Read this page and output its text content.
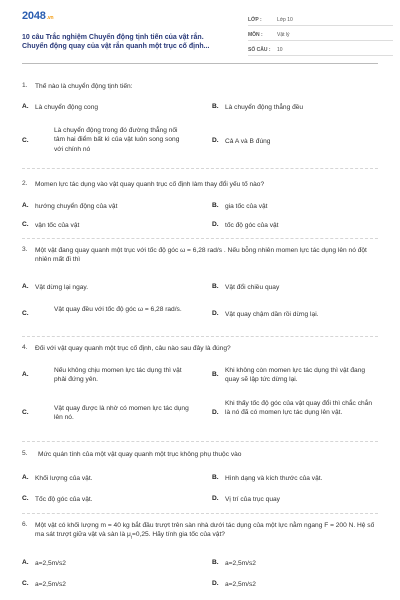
2048.vn
10 câu Trắc nghiệm Chuyển động tịnh tiến của vật rắn.
Chuyển động quay của vật rắn quanh một trục cố định...
LỚP :	Lớp 10
MÔN :	Vật lý
SỐ CÂU :	10
1.	Thế nào là chuyển động tịnh tiến:
A. Là chuyển động cong	B. Là chuyển động thẳng đều
C.
Là chuyển động trong đó đường thẳng nối tâm hai điểm bất kì của vật luôn song song với chính nó
D. Cả A và B đúng
2.	Momen lực tác dụng vào vật quay quanh trục cố định làm thay đổi yếu tố nào?
A. hướng chuyển động của vật	B. gia tốc của vật
C. vận tốc của vật	D. tốc độ góc của vật
3.	Một vật đang quay quanh một trục với tốc độ góc ω = 6,28 rad/s . Nếu bỗng nhiên momen lực tác dụng lên nó đột nhiên mất đi thì
A. Vật dừng lại ngay.	B. Vật đổi chiều quay
C.
Vật quay đều với tốc độ góc ω = 6,28 rad/s.
D. Vật quay chậm dần rồi dừng lại.
4.	Đối với vật quay quanh một trục cố định, câu nào sau đây là đúng?
A.
Nếu không chịu momen lực tác dụng thì vật phải đứng yên.
B.
Khi không còn momen lực tác dụng thì vật đang quay sẽ lập tức dừng lại.
C.
Vật quay được là nhờ có momen lực tác dụng lên nó.
D.
Khi thấy tốc độ góc của vật quay đổi thì chắc chắn là nó đã có momen lực tác dụng lên vật.
5.	Mức quán tính của một vật quay quanh một trục không phụ thuộc vào
A. Khối lượng của vật.	B. Hình dạng và kích thước của vật.
C. Tốc độ góc của vật.	D. Vị trí của trục quay
6.	Một vật có khối lượng m = 40 kg bắt đầu trượt trên sàn nhà dưới tác dụng của một lực nằm ngang F = 200 N. Hệ số ma sát trượt giữa vật và sàn là $\mu_t=0,25$. Hãy tính gia tốc của vật?
A. a=2,5m/s2	B. a=2,5m/s2
C. a=2,5m/s2	D. a=2,5m/s2
